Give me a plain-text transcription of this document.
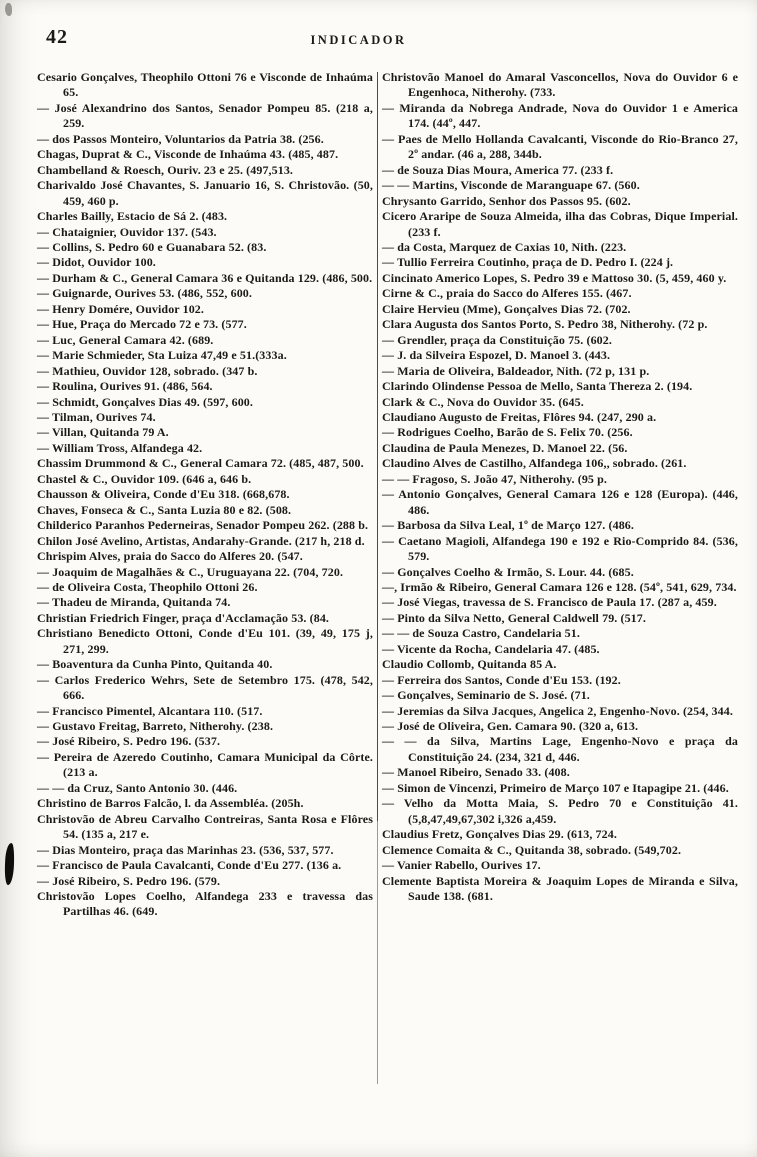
42	INDICADOR

Cesario Gonçalves, Theophilo Ottoni 76 e Visconde de Inhaúma 65.

— José Alexandrino dos Santos, Senador Pompeu 85. (218 a, 259.

— dos Passos Monteiro, Voluntarios da Patria 38. (256.

Chagas, Duprat & C., Visconde de Inhaúma 43. (485, 487.

Chambelland & Roesch, Ouriv. 23 e 25. (497,513.

Charivaldo José Chavantes, S. Januario 16, S. Christovão. (50, 459, 460 p.

Charles Bailly, Estacio de Sá 2. (483.

— Chataignier, Ouvidor 137. (543.

— Collins, S. Pedro 60 e Guanabara 52. (83.

— Didot, Ouvidor 100.

— Durham & C., General Camara 36 e Quitanda 129. (486, 500.

— Guignarde, Ourives 53. (486, 552, 600.

— Henry Domére, Ouvidor 102.

— Hue, Praça do Mercado 72 e 73. (577.

— Luc, General Camara 42. (689.

— Marie Schmieder, Sta Luiza 47,49 e 51.(333a.

— Mathieu, Ouvidor 128, sobrado. (347 b.

— Roulina, Ourives 91. (486, 564.

— Schmidt, Gonçalves Dias 49. (597, 600.

— Tilman, Ourives 74.

— Villan, Quitanda 79 A.

— William Tross, Alfandega 42.

Chassim Drummond & C., General Camara 72. (485, 487, 500.

Chastel & C., Ouvidor 109. (646 a, 646 b.

Chausson & Oliveira, Conde d'Eu 318. (668,678.

Chaves, Fonseca & C., Santa Luzia 80 e 82. (508.

Childerico Paranhos Pederneiras, Senador Pompeu 262. (288 b.

Chilon José Avelino, Artistas, Andarahy-Grande. (217 h, 218 d.

Chrispim Alves, praia do Sacco do Alferes 20. (547.

— Joaquim de Magalhães & C., Uruguayana 22. (704, 720.

— de Oliveira Costa, Theophilo Ottoni 26.

— Thadeu de Miranda, Quitanda 74.

Christian Friedrich Finger, praça d'Acclamação 53. (84.

Christiano Benedicto Ottoni, Conde d'Eu 101. (39, 49, 175 j, 271, 299.

— Boaventura da Cunha Pinto, Quitanda 40.

— Carlos Frederico Wehrs, Sete de Setembro 175. (478, 542, 666.

— Francisco Pimentel, Alcantara 110. (517.

— Gustavo Freitag, Barreto, Nitherohy. (238.

— José Ribeiro, S. Pedro 196. (537.

— Pereira de Azeredo Coutinho, Camara Municipal da Côrte. (213 a.

— — da Cruz, Santo Antonio 30. (446.

Christino de Barros Falcão, l. da Assembléa. (205h.

Christovão de Abreu Carvalho Contreiras, Santa Rosa e Flôres 54. (135 a, 217 e.

— Dias Monteiro, praça das Marinhas 23. (536, 537, 577.

— Francisco de Paula Cavalcanti, Conde d'Eu 277. (136 a.

— José Ribeiro, S. Pedro 196. (579.

Christovão Lopes Coelho, Alfandega 233 e travessa das Partilhas 46. (649.

Christovão Manoel do Amaral Vasconcellos, Nova do Ouvidor 6 e Engenhoca, Nitherohy. (733.

— Miranda da Nobrega Andrade, Nova do Ouvidor 1 e America 174. (44º, 447.

— Paes de Mello Hollanda Cavalcanti, Visconde do Rio-Branco 27, 2º andar. (46 a, 288, 344b.

— de Souza Dias Moura, America 77. (233 f.

— — Martins, Visconde de Maranguape 67. (560.

Chrysanto Garrido, Senhor dos Passos 95. (602.

Cicero Araripe de Souza Almeida, ilha das Cobras, Dique Imperial. (233 f.

— da Costa, Marquez de Caxias 10, Nith. (223.

— Tullio Ferreira Coutinho, praça de D. Pedro I. (224 j.

Cincinato Americo Lopes, S. Pedro 39 e Mattoso 30. (5, 459, 460 y.

Cirne & C., praia do Sacco do Alferes 155. (467.

Claire Hervieu (Mme), Gonçalves Dias 72. (702.

Clara Augusta dos Santos Porto, S. Pedro 38, Nitherohy. (72 p.

— Grendler, praça da Constituição 75. (602.

— J. da Silveira Espozel, D. Manoel 3. (443.

— Maria de Oliveira, Baldeador, Nith. (72 p, 131 p.

Clarindo Olindense Pessoa de Mello, Santa Thereza 2. (194.

Clark & C., Nova do Ouvidor 35. (645.

Claudiano Augusto de Freitas, Flôres 94. (247, 290 a.

— Rodrigues Coelho, Barão de S. Felix 70. (256.

Claudina de Paula Menezes, D. Manoel 22. (56.

Claudino Alves de Castilho, Alfandega 106,, sobrado. (261.

— — Fragoso, S. João 47, Nitherohy. (95 p.

— Antonio Gonçalves, General Camara 126 e 128 (Europa). (446, 486.

— Barbosa da Silva Leal, 1º de Março 127. (486.

— Caetano Magioli, Alfandega 190 e 192 e Rio-Comprido 84. (536, 579.

— Gonçalves Coelho & Irmão, S. Lour. 44. (685.

—, Irmão & Ribeiro, General Camara 126 e 128. (54º, 541, 629, 734.

— José Viegas, travessa de S. Francisco de Paula 17. (287 a, 459.

— Pinto da Silva Netto, General Caldwell 79. (517.

— — de Souza Castro, Candelaria 51.

— Vicente da Rocha, Candelaria 47. (485.

Claudio Collomb, Quitanda 85 A.

— Ferreira dos Santos, Conde d'Eu 153. (192.

— Gonçalves, Seminario de S. José. (71.

— Jeremias da Silva Jacques, Angelica 2, Engenho-Novo. (254, 344.

— José de Oliveira, Gen. Camara 90. (320 a, 613.

— — da Silva, Martins Lage, Engenho-Novo e praça da Constituição 24. (234, 321 d, 446.

— Manoel Ribeiro, Senado 33. (408.

— Simon de Vincenzi, Primeiro de Março 107 e Itapagipe 21. (446.

— Velho da Motta Maia, S. Pedro 70 e Constituição 41. (5,8,47,49,67,302 i,326 a,459.

Claudius Fretz, Gonçalves Dias 29. (613, 724.

Clemence Comaita & C., Quitanda 38, sobrado. (549,702.

— Vanier Rabello, Ourives 17.

Clemente Baptista Moreira & Joaquim Lopes de Miranda e Silva, Saude 138. (681.
